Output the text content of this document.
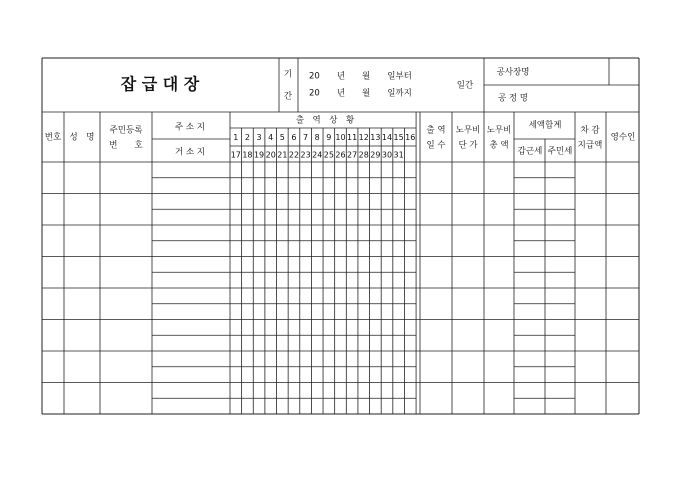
잡 급 대 장	기
간
20　　년　　월　　일부터
20　　년　　월　　일까지
일간
공사장명
공 정 명
번호 성　명
주민등록
번　　호
주 소 지
거 소 지
출　역　상　황
출 역
일 수
노무비
단 가
노무비
총 액
세액합계
갑근세 주민세
차 감
지급액
영수인
1 2 3 4 5 6 7 8 9 10 11 12 13 14 15 16
17 18 19 20 21 22 23 24 25 26 27 28 29 30 31
